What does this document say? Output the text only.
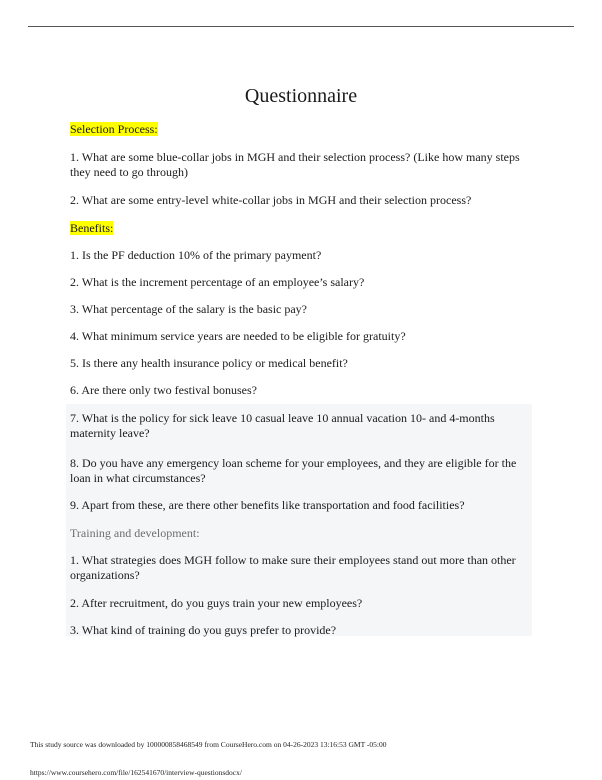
Questionnaire
Selection Process:
1. What are some blue-collar jobs in MGH and their selection process? (Like how many steps they need to go through)
2. What are some entry-level white-collar jobs in MGH and their selection process?
Benefits:
1. Is the PF deduction 10% of the primary payment?
2. What is the increment percentage of an employee’s salary?
3. What percentage of the salary is the basic pay?
4. What minimum service years are needed to be eligible for gratuity?
5. Is there any health insurance policy or medical benefit?
6. Are there only two festival bonuses?
7. What is the policy for sick leave 10 casual leave 10 annual vacation 10- and 4-months maternity leave?
8. Do you have any emergency loan scheme for your employees, and they are eligible for the loan in what circumstances?
9. Apart from these, are there other benefits like transportation and food facilities?
Training and development:
1. What strategies does MGH follow to make sure their employees stand out more than other organizations?
2. After recruitment, do you guys train your new employees?
3. What kind of training do you guys prefer to provide?
This study source was downloaded by 100000858468549 from CourseHero.com on 04-26-2023 13:16:53 GMT -05:00
https://www.coursehero.com/file/162541670/interview-questionsdocx/
